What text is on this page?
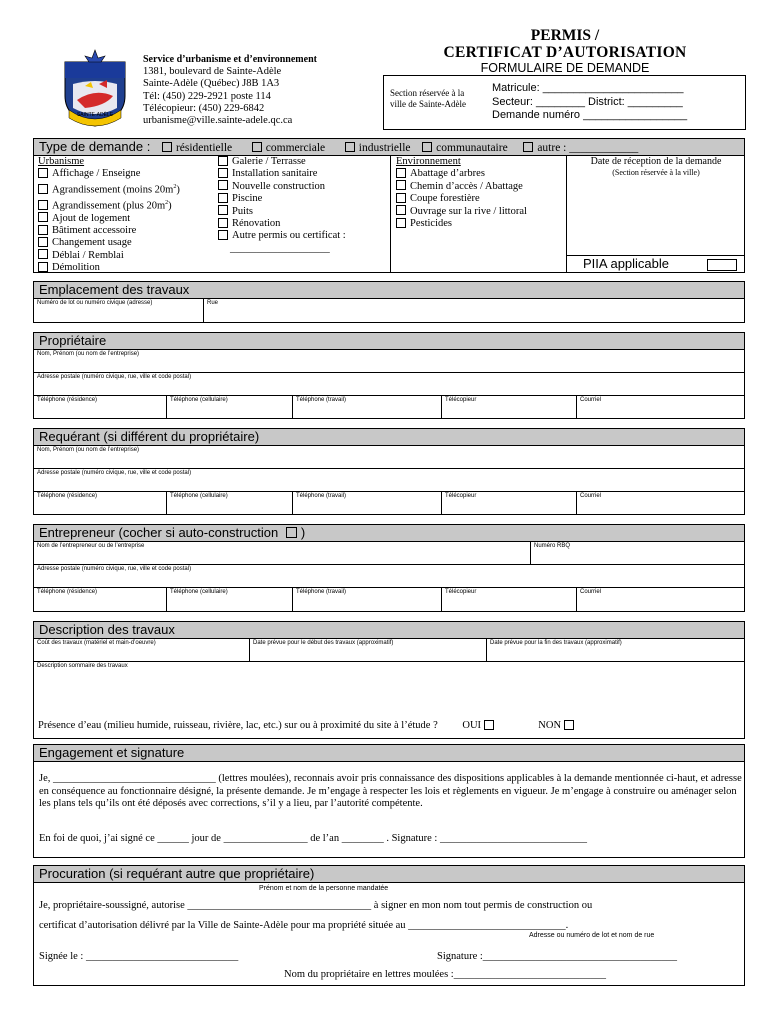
SAINTE-ADÈLE
Service d’urbanisme et d’environnement
1381, boulevard de Sainte-Adèle
Sainte-Adèle (Québec) J8B 1A3
Tél: (450) 229-2921 poste 114
Télécopieur: (450) 229-6842
urbanisme@ville.sainte-adele.qc.ca
PERMIS /
CERTIFICAT D’AUTORISATION
FORMULAIRE DE DEMANDE
Section réservée à la
ville de Sainte-Adèle
Matricule: _______________________
Secteur: ________ District: _________
Demande numéro _________________
Type de demande : résidentielle	commerciale	industrielle communautaire	autre : ____________
Urbanisme
Affichage / Enseigne
Agrandissement (moins $20m^2$)
Agrandissement (plus $20m^2$)
Ajout de logement
Bâtiment accessoire
Changement usage
Déblai / Remblai
Démolition
Galerie / Terrasse
Installation sanitaire
Nouvelle construction
Piscine
Puits
Rénovation
Autre permis ou certificat :
___________________
Environnement
Abattage d’arbres
Chemin d’accès / Abattage
Coupe forestière
Ouvrage sur la rive / littoral
Pesticides
Date de réception de la demande
(Section réservée à la ville)
PIIA applicable
Emplacement des travaux
Numéro de lot ou numéro civique (adresse)	Rue
Propriétaire
Nom, Prénom (ou nom de l’entreprise)
Adresse postale (numéro civique, rue, ville et code postal)
Téléphone (résidence)	Téléphone (cellulaire)	Téléphone (travail)	Télécopieur	Courriel
Requérant (si différent du propriétaire)
Nom, Prénom (ou nom de l’entreprise)
Adresse postale (numéro civique, rue, ville et code postal)
Téléphone (résidence)	Téléphone (cellulaire)	Téléphone (travail)	Télécopieur	Courriel
Entrepreneur (cocher si auto-construction )
Nom de l’entrepreneur ou de l’entreprise	Numéro RBQ
Adresse postale (numéro civique, rue, ville et code postal)
Téléphone (résidence)	Téléphone (cellulaire)	Téléphone (travail)	Télécopieur	Courriel
Description des travaux
Coût des travaux (matériel et main-d’oeuvre)	Date prévue pour le début des travaux (approximatif)	Date prévue pour la fin des travaux (approximatif)
Description sommaire des travaux
Présence d’eau (milieu humide, ruisseau, rivière, lac, etc.) sur ou à proximité du site à l’étude ? OUI	NON
Engagement et signature
Je, _______________________________ (lettres moulées), reconnais avoir pris connaissance des dispositions applicables à la demande mentionnée ci-haut, et adresse en conséquence au fonctionnaire désigné, la présente demande. Je m’engage à respecter les lois et règlements en vigueur. Je m’engage à construire ou aménager selon les plans tels qu’ils ont été déposés avec corrections, s’il y a lieu, par l’autorité compétente.
En foi de quoi, j’ai signé ce ______ jour de ________________ de l’an ________ . Signature : ____________________________
Procuration (si requérant autre que propriétaire)
Prénom et nom de la personne mandatée
Je, propriétaire-soussigné, autorise ___________________________________ à signer en mon nom tout permis de construction ou
certificat d’autorisation délivré par la Ville de Sainte-Adèle pour ma propriété située au ______________________________.
Adresse ou numéro de lot et nom de rue
Signée le : _____________________________	Signature :_____________________________________
Nom du propriétaire en lettres moulées :_____________________________
